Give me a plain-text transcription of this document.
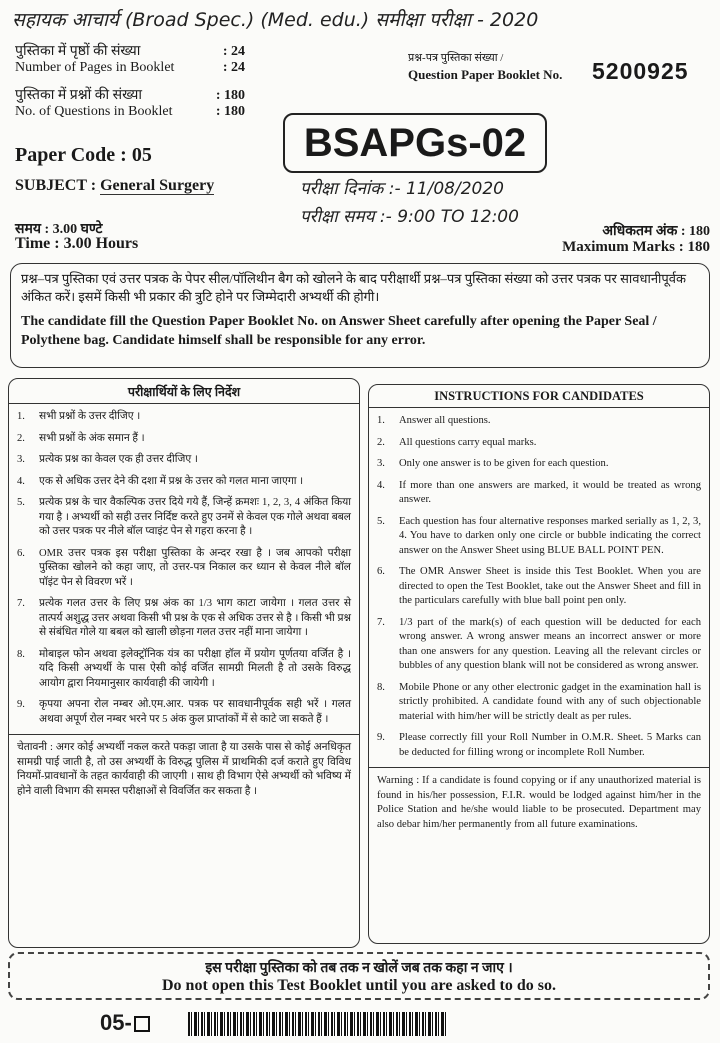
सहायक आचार्य (Broad Spec.) (Med. edu.) समीक्षा परीक्षा - 2020
पुस्तिका में पृष्ठों की संख्या	: 24
Number of Pages in Booklet	: 24
पुस्तिका में प्रश्नों की संख्या	: 180
No. of Questions in Booklet	: 180
प्रश्न-पत्र पुस्तिका संख्या /
Question Paper Booklet No. 5200925
BSAPGs-02
Paper Code : 05
SUBJECT : General Surgery	परीक्षा दिनांक :- 11/08/2020
परीक्षा समय :- 9:00 TO 12:00
समय : 3.00 घण्टे
Time : 3.00 Hours
अधिकतम अंक : 180
Maximum Marks : 180
प्रश्न–पत्र पुस्तिका एवं उत्तर पत्रक के पेपर सील/पॉलिथीन बैग को खोलने के बाद परीक्षार्थी प्रश्न–पत्र पुस्तिका संख्या को उत्तर पत्रक पर सावधानीपूर्वक अंकित करें। इसमें किसी भी प्रकार की त्रुटि होने पर जिम्मेदारी अभ्यर्थी की होगी।
The candidate fill the Question Paper Booklet No. on Answer Sheet carefully after opening the Paper Seal / Polythene bag. Candidate himself shall be responsible for any error.
परीक्षार्थियों के लिए निर्देश
1.	सभी प्रश्नों के उत्तर दीजिए ।
2.	सभी प्रश्नों के अंक समान हैं ।
3.	प्रत्येक प्रश्न का केवल एक ही उत्तर दीजिए ।
4.	एक से अधिक उत्तर देने की दशा में प्रश्न के उत्तर को गलत माना जाएगा ।
5.	प्रत्येक प्रश्न के चार वैकल्पिक उत्तर दिये गये हैं, जिन्हें क्रमशः 1, 2, 3, 4 अंकित किया गया है । अभ्यर्थी को सही उत्तर निर्दिष्ट करते हुए उनमें से केवल एक गोले अथवा बबल को उत्तर पत्रक पर नीले बॉल प्वाइंट पेन से गहरा करना है ।
6.	OMR उत्तर पत्रक इस परीक्षा पुस्तिका के अन्दर रखा है । जब आपको परीक्षा पुस्तिका खोलने को कहा जाए, तो उत्तर-पत्र निकाल कर ध्यान से केवल नीले बॉल पॉइंट पेन से विवरण भरें ।
7.	प्रत्येक गलत उत्तर के लिए प्रश्न अंक का 1/3 भाग काटा जायेगा । गलत उत्तर से तात्पर्य अशुद्ध उत्तर अथवा किसी भी प्रश्न के एक से अधिक उत्तर से है । किसी भी प्रश्न से संबंधित गोले या बबल को खाली छोड़ना गलत उत्तर नहीं माना जायेगा ।
8.	मोबाइल फोन अथवा इलेक्ट्रॉनिक यंत्र का परीक्षा हॉल में प्रयोग पूर्णतया वर्जित है । यदि किसी अभ्यर्थी के पास ऐसी कोई वर्जित सामग्री मिलती है तो उसके विरुद्ध आयोग द्वारा नियमानुसार कार्यवाही की जायेगी ।
9.	कृपया अपना रोल नम्बर ओ.एम.आर. पत्रक पर सावधानीपूर्वक सही भरें । गलत अथवा अपूर्ण रोल नम्बर भरने पर 5 अंक कुल प्राप्तांकों में से काटे जा सकते हैं ।
चेतावनी : अगर कोई अभ्यर्थी नकल करते पकड़ा जाता है या उसके पास से कोई अनधिकृत सामग्री पाई जाती है, तो उस अभ्यर्थी के विरुद्ध पुलिस में प्राथमिकी दर्ज कराते हुए विविध नियमों-प्रावधानों के तहत कार्यवाही की जाएगी । साथ ही विभाग ऐसे अभ्यर्थी को भविष्य में होने वाली विभाग की समस्त परीक्षाओं से विवर्जित कर सकता है ।
INSTRUCTIONS FOR CANDIDATES
1.	Answer all questions.
2.	All questions carry equal marks.
3.	Only one answer is to be given for each question.
4.	If more than one answers are marked, it would be treated as wrong answer.
5.	Each question has four alternative responses marked serially as 1, 2, 3, 4. You have to darken only one circle or bubble indicating the correct answer on the Answer Sheet using BLUE BALL POINT PEN.
6.	The OMR Answer Sheet is inside this Test Booklet. When you are directed to open the Test Booklet, take out the Answer Sheet and fill in the particulars carefully with blue ball point pen only.
7.	1/3 part of the mark(s) of each question will be deducted for each wrong answer. A wrong answer means an incorrect answer or more than one answers for any question. Leaving all the relevant circles or bubbles of any question blank will not be considered as wrong answer.
8.	Mobile Phone or any other electronic gadget in the examination hall is strictly prohibited. A candidate found with any of such objectionable material with him/her will be strictly dealt as per rules.
9.	Please correctly fill your Roll Number in O.M.R. Sheet. 5 Marks can be deducted for filling wrong or incomplete Roll Number.
Warning : If a candidate is found copying or if any unauthorized material is found in his/her possession, F.I.R. would be lodged against him/her in the Police Station and he/she would liable to be prosecuted. Department may also debar him/her permanently from all future examinations.
इस परीक्षा पुस्तिका को तब तक न खोलें जब तक कहा न जाए ।
Do not open this Test Booklet until you are asked to do so.
05-
